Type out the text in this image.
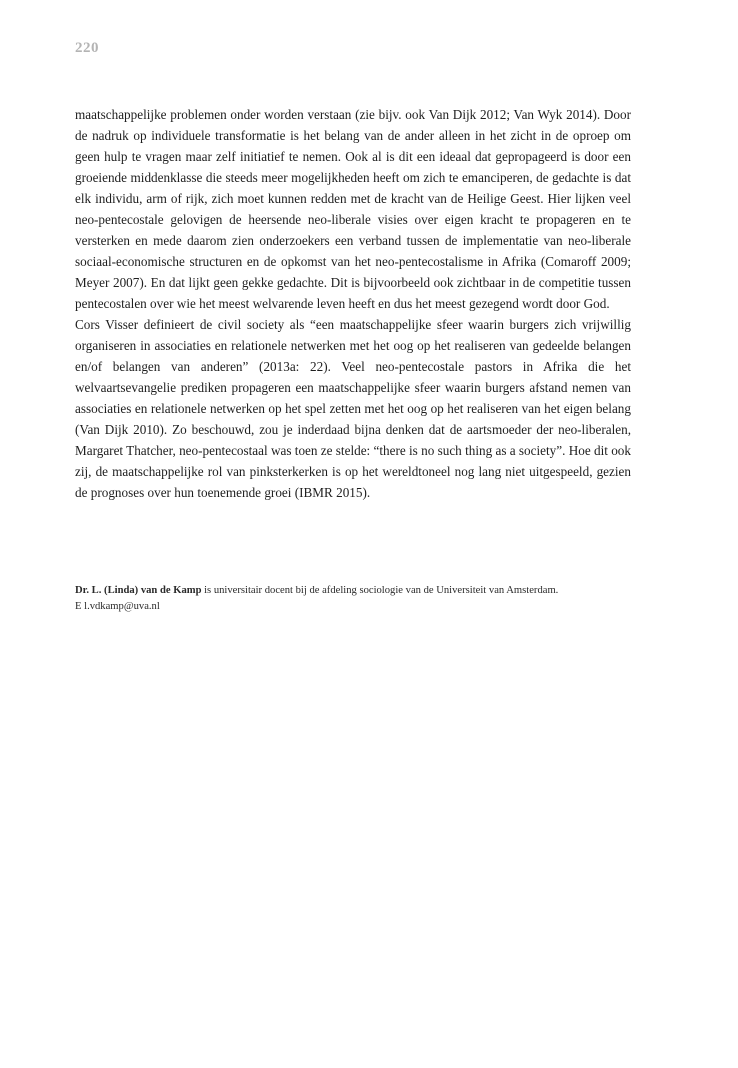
220

maatschappelijke problemen onder worden verstaan (zie bijv. ook Van Dijk 2012; Van Wyk 2014). Door de nadruk op individuele transformatie is het belang van de ander alleen in het zicht in de oproep om geen hulp te vragen maar zelf initiatief te nemen. Ook al is dit een ideaal dat gepropageerd is door een groeiende middenklasse die steeds meer mogelijkheden heeft om zich te emanciperen, de gedachte is dat elk individu, arm of rijk, zich moet kunnen redden met de kracht van de Heilige Geest. Hier lijken veel neo-pentecostale gelovigen de heersende neo-liberale visies over eigen kracht te propageren en te versterken en mede daarom zien onderzoekers een verband tussen de implementatie van neo-liberale sociaal-economische structuren en de opkomst van het neo-pentecostalisme in Afrika (Comaroff 2009; Meyer 2007). En dat lijkt geen gekke gedachte. Dit is bijvoorbeeld ook zichtbaar in de competitie tussen pentecostalen over wie het meest welvarende leven heeft en dus het meest gezegend wordt door God.

Cors Visser definieert de civil society als “een maatschappelijke sfeer waarin burgers zich vrijwillig organiseren in associaties en relationele netwerken met het oog op het realiseren van gedeelde belangen en/of belangen van anderen” (2013a: 22). Veel neo-pentecostale pastors in Afrika die het welvaartsevangelie prediken propageren een maatschappelijke sfeer waarin burgers afstand nemen van associaties en relationele netwerken op het spel zetten met het oog op het realiseren van het eigen belang (Van Dijk 2010). Zo beschouwd, zou je inderdaad bijna denken dat de aartsmoeder der neo-liberalen, Margaret Thatcher, neo-pentecostaal was toen ze stelde: “there is no such thing as a society”. Hoe dit ook zij, de maatschappelijke rol van pinksterkerken is op het wereldtoneel nog lang niet uitgespeeld, gezien de prognoses over hun toenemende groei (IBMR 2015).

Dr. L. (Linda) van de Kamp is universitair docent bij de afdeling sociologie van de Universiteit van Amsterdam.

E l.vdkamp@uva.nl
